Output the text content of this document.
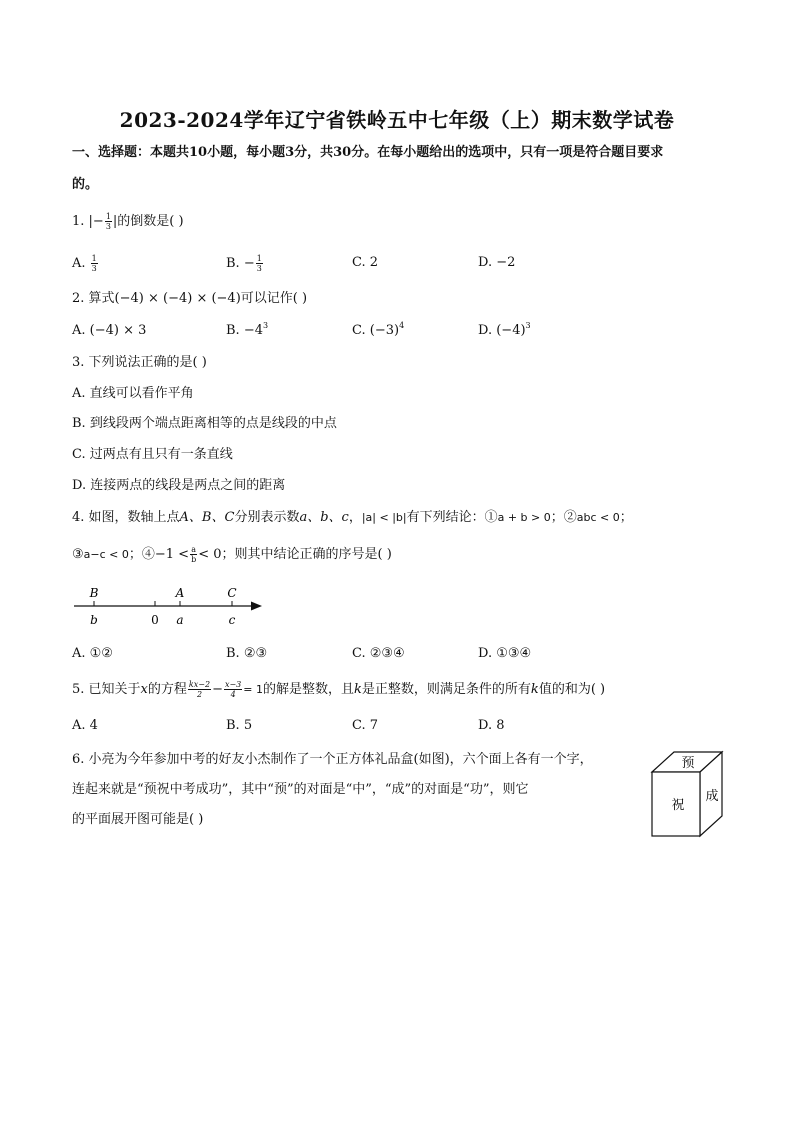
2023-2024学年辽宁省铁岭五中七年级（上）期末数学试卷
一、选择题：本题共10小题，每小题3分，共30分。在每小题给出的选项中，只有一项是符合题目要求
的。
1. |− $\frac{1}{3}$ |的倒数是( )
A. $\frac{1}{3}$	B. − $\frac{1}{3}$	C. 2	D. −2
2. 算式(−4) × (−4) × (−4)可以记作( )
A. (−4) × 3	B. $-4^3$	C. $(-3)^4$	D. $(-4)^3$
3. 下列说法正确的是( )
A. 直线可以看作平角
B. 到线段两个端点距离相等的点是线段的中点
C. 过两点有且只有一条直线
D. 连接两点的线段是两点之间的距离
4. 如图，数轴上点A、B、C分别表示数a、b、c，|a| < |b|有下列结论：①a + b > 0；②abc < 0；
③a−c < 0；④−1 < $\frac{a}{b} < 0$；则其中结论正确的序号是( )
B	A	C
b	0 a	c
A. ①②	B. ②③	C. ②③④	D. ①③④
5. 已知关于x的方程 $\frac{kx-2}{2} - \frac{x-3}{4} = 1$的解是整数，且k是正整数，则满足条件的所有k值的和为( )
A. 4	B. 5	C. 7	D. 8
6. 小亮为今年参加中考的好友小杰制作了一个正方体礼品盒(如图)，六个面上各有一个字，
连起来就是“预祝中考成功”，其中“预”的对面是“中”，“成”的对面是“功”，则它
的平面展开图可能是( )
预
祝
成
